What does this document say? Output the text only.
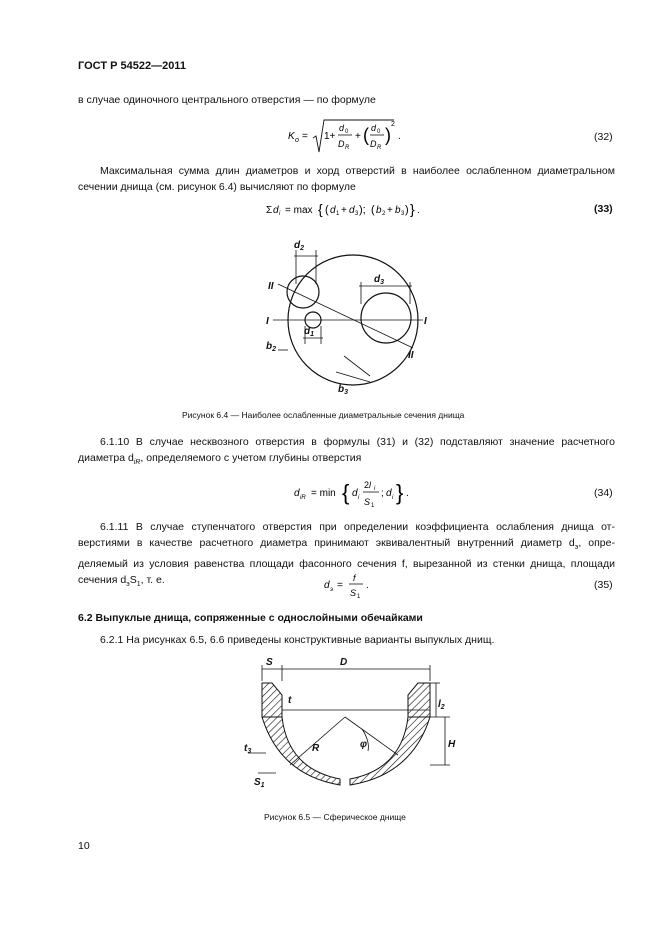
ГОСТ Р 54522—2011
в случае одиночного центрального отверстия — по формуле
K o = 1+
d 0
D R
+ ( d 0
D R
)
2
.	(32)
Максимальная сумма длин диаметров и хорд отверстий в наиболее ослабленном диаметральном сечении днища (см. рисунок 6.4) вычисляют по формуле
Σ d i = max { ( d 1 + d 3 ); ( b 2 + b 3 ) } .	(33)
$d_2$
$d_3$
II
I	I
$d_1$
$b_2$
II
$b_3$
Рисунок 6.4 — Наиболее ослабленные диаметральные сечения днища
6.1.10 В случае несквозного отверстия в формулы (31) и (32) подставляют значение расчетного диаметра $d_{iR}$, определяемого с учетом глубины отверстия
d iR = min { d i
2l i
S 1
; d i } .	(34)
6.1.11 В случае ступенчатого отверстия при определении коэффициента ослабления днища от-верстиями в качестве расчетного диаметра принимают эквивалентный внутренний диаметр $d_э$, опре-деляемый из условия равенства площади фасонного сечения f, вырезанной из стенки днища, площади сечения $d_эS_1$, т. е.	d э =
f
S 1
.	(35)
6.2 Выпуклые днища, сопряженные с однослойными обечайками
6.2.1 На рисунках 6.5, 6.6 приведены конструктивные варианты выпуклых днищ.
S	D
t
R	φ
$l_2$
H
$t_3$
$S_1$
Рисунок 6.5 — Сферическое днище
10
